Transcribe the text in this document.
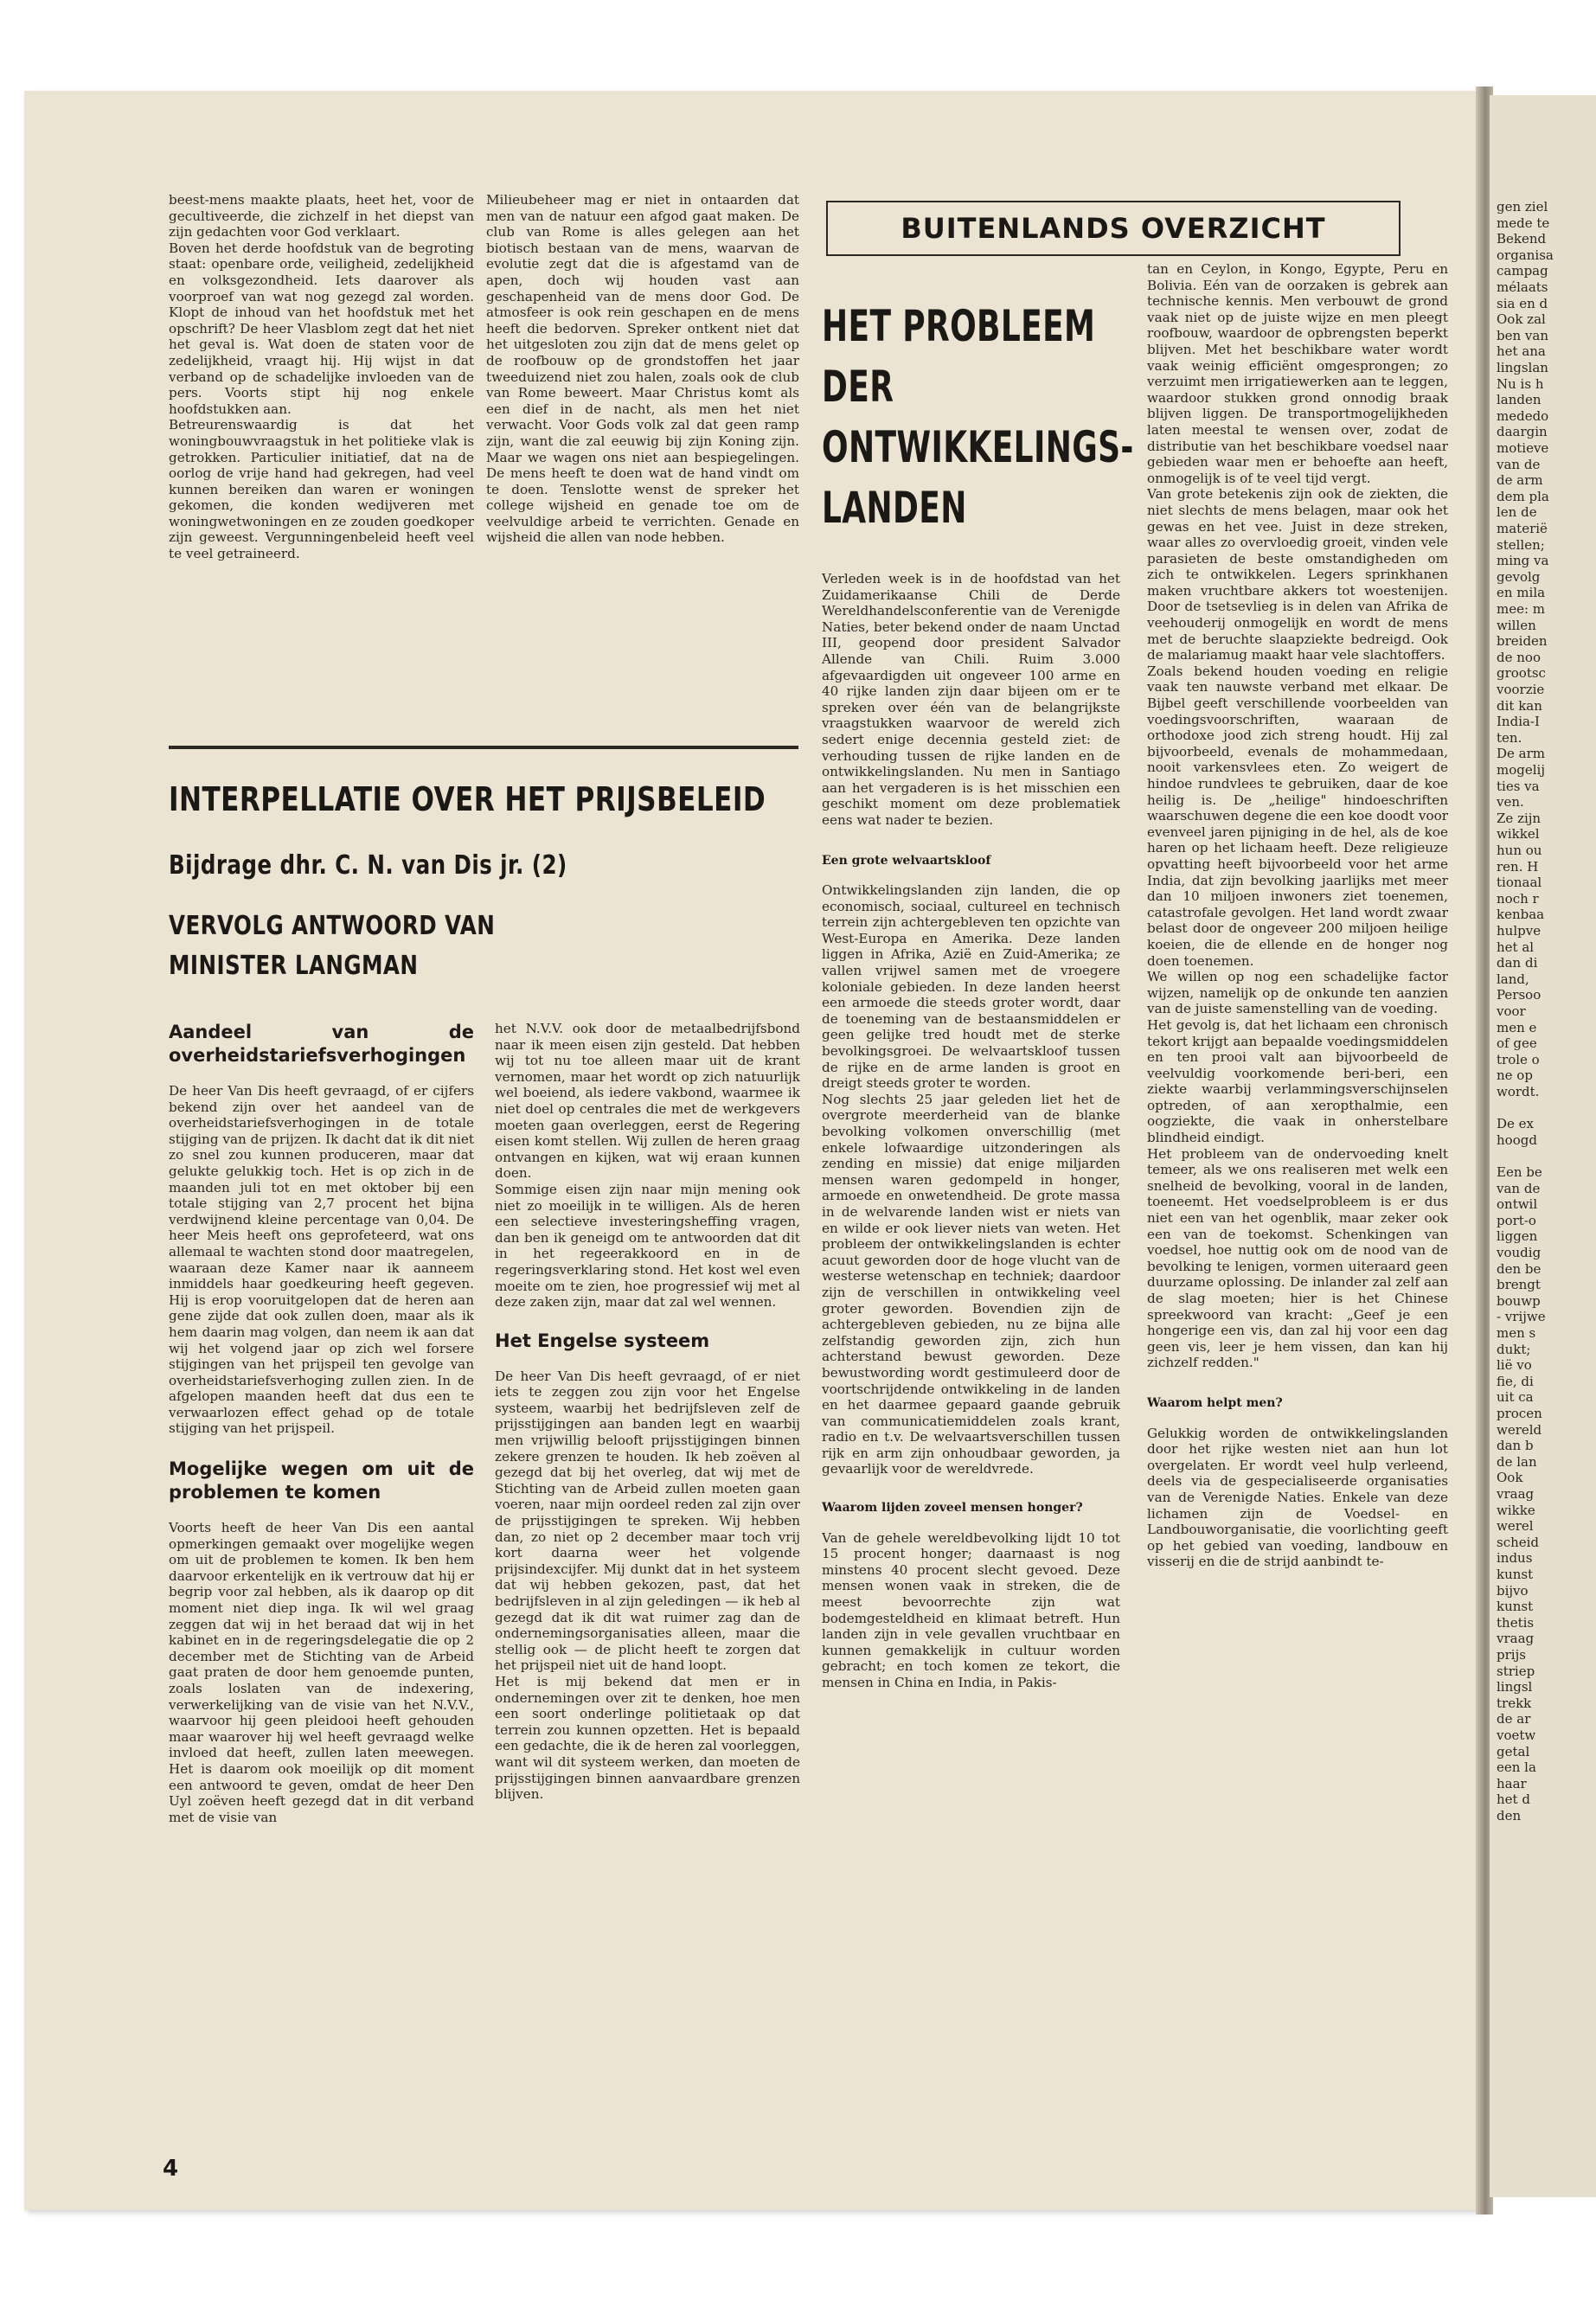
gen ziel
mede te
Bekend
organisa
campag
mélaats
sia en d
Ook zal
ben van
het ana
lingslan
Nu is h
landen
mededo
daargin
motieve
van de
de arm
dem pla
len de
materië
stellen;
ming va
gevolg
en mila
mee: m
willen
breiden
de noo
grootsc
voorzie
dit kan
India-I
ten.
De arm
mogelij
ties va
ven.
Ze zijn
wikkel
hun ou
ren. H
tionaal
noch r
kenbaa
hulpve
het al
dan di
land,
Persoo
voor
men e
of gee
trole o
ne op
wordt.
De ex
hoogd
Een be
van de
ontwil
port-o
liggen
voudig
den be
brengt
bouwp
- vrijwe
men s
dukt;
lië vo
fie, di
uit ca
procen
wereld
dan b
de lan
Ook
vraag
wikke
werel
scheid
indus
kunst
bijvo
kunst
thetis
vraag
prijs
striep
lingsl
trekk
de ar
voetw
getal
een la
haar
het d
den

beest-mens maakte plaats, heet het, voor de gecultiveerde, die zichzelf in het diepst van zijn gedachten voor God verklaart.
Boven het derde hoofdstuk van de begroting staat: openbare orde, veiligheid, zedelijkheid en volksgezondheid. Iets daarover als voorproef van wat nog gezegd zal worden. Klopt de inhoud van het hoofdstuk met het opschrift? De heer Vlasblom zegt dat het niet het geval is. Wat doen de staten voor de zedelijkheid, vraagt hij. Hij wijst in dat verband op de schadelijke invloeden van de pers. Voorts stipt hij nog enkele hoofdstukken aan.
Betreurenswaardig is dat het woningbouwvraagstuk in het politieke vlak is getrokken. Particulier initiatief, dat na de oorlog de vrije hand had gekregen, had veel kunnen bereiken dan waren er woningen gekomen, die konden wedijveren met woningwetwoningen en ze zouden goedkoper zijn geweest. Vergunningenbeleid heeft veel te veel getraineerd.

Milieubeheer mag er niet in ontaarden dat men van de natuur een afgod gaat maken. De club van Rome is alles gelegen aan het biotisch bestaan van de mens, waarvan de evolutie zegt dat die is afgestamd van de apen, doch wij houden vast aan geschapenheid van de mens door God. De atmosfeer is ook rein geschapen en de mens heeft die bedorven. Spreker ontkent niet dat het uitgesloten zou zijn dat de mens gelet op de roofbouw op de grondstoffen het jaar tweeduizend niet zou halen, zoals ook de club van Rome beweert. Maar Christus komt als een dief in de nacht, als men het niet verwacht. Voor Gods volk zal dat geen ramp zijn, want die zal eeuwig bij zijn Koning zijn. Maar we wagen ons niet aan bespiegelingen. De mens heeft te doen wat de hand vindt om te doen. Tenslotte wenst de spreker het college wijsheid en genade toe om de veelvuldige arbeid te verrichten. Genade en wijsheid die allen van node hebben.

INTERPELLATIE OVER HET PRIJSBELEID
Bijdrage dhr. C. N. van Dis jr. (2)
VERVOLG ANTWOORD VAN
MINISTER LANGMAN
Aandeel van de overheidstariefsverhogingen

De heer Van Dis heeft gevraagd, of er cijfers bekend zijn over het aandeel van de overheidstariefsverhogingen in de totale stijging van de prijzen. Ik dacht dat ik dit niet zo snel zou kunnen produceren, maar dat gelukte gelukkig toch. Het is op zich in de maanden juli tot en met oktober bij een totale stijging van 2,7 procent het bijna verdwijnend kleine percentage van 0,04. De heer Meis heeft ons geprofeteerd, wat ons allemaal te wachten stond door maatregelen, waaraan deze Kamer naar ik aanneem inmiddels haar goedkeuring heeft gegeven. Hij is erop vooruitgelopen dat de heren aan gene zijde dat ook zullen doen, maar als ik hem daarin mag volgen, dan neem ik aan dat wij het volgend jaar op zich wel forsere stijgingen van het prijspeil ten gevolge van overheidstariefsverhoging zullen zien. In de afgelopen maanden heeft dat dus een te verwaarlozen effect gehad op de totale stijging van het prijspeil.

Mogelijke wegen om uit de problemen te komen

Voorts heeft de heer Van Dis een aantal opmerkingen gemaakt over mogelijke wegen om uit de problemen te komen. Ik ben hem daarvoor erkentelijk en ik vertrouw dat hij er begrip voor zal hebben, als ik daarop op dit moment niet diep inga. Ik wil wel graag zeggen dat wij in het beraad dat wij in het kabinet en in de regeringsdelegatie die op 2 december met de Stichting van de Arbeid gaat praten de door hem genoemde punten, zoals loslaten van de indexering, verwerkelijking van de visie van het N.V.V., waarvoor hij geen pleidooi heeft gehouden maar waarover hij wel heeft gevraagd welke invloed dat heeft, zullen laten meewegen. Het is daarom ook moeilijk op dit moment een antwoord te geven, omdat de heer Den Uyl zoëven heeft gezegd dat in dit verband met de visie van

het N.V.V. ook door de metaalbedrijfsbond naar ik meen eisen zijn gesteld. Dat hebben wij tot nu toe alleen maar uit de krant vernomen, maar het wordt op zich natuurlijk wel boeiend, als iedere vakbond, waarmee ik niet doel op centrales die met de werkgevers moeten gaan overleggen, eerst de Regering eisen komt stellen. Wij zullen de heren graag ontvangen en kijken, wat wij eraan kunnen doen.
Sommige eisen zijn naar mijn mening ook niet zo moeilijk in te willigen. Als de heren een selectieve investeringsheffing vragen, dan ben ik geneigd om te antwoorden dat dit in het regeerakkoord en in de regeringsverklaring stond. Het kost wel even moeite om te zien, hoe progressief wij met al deze zaken zijn, maar dat zal wel wennen.

Het Engelse systeem

De heer Van Dis heeft gevraagd, of er niet iets te zeggen zou zijn voor het Engelse systeem, waarbij het bedrijfsleven zelf de prijsstijgingen aan banden legt en waarbij men vrijwillig belooft prijsstijgingen binnen zekere grenzen te houden. Ik heb zoëven al gezegd dat bij het overleg, dat wij met de Stichting van de Arbeid zullen moeten gaan voeren, naar mijn oordeel reden zal zijn over de prijsstijgingen te spreken. Wij hebben dan, zo niet op 2 december maar toch vrij kort daarna weer het volgende prijsindexcijfer. Mij dunkt dat in het systeem dat wij hebben gekozen, past, dat het bedrijfsleven in al zijn geledingen — ik heb al gezegd dat ik dit wat ruimer zag dan de ondernemingsorganisaties alleen, maar die stellig ook — de plicht heeft te zorgen dat het prijspeil niet uit de hand loopt.
Het is mij bekend dat men er in ondernemingen over zit te denken, hoe men een soort onderlinge politietaak op dat terrein zou kunnen opzetten. Het is bepaald een gedachte, die ik de heren zal voorleggen, want wil dit systeem werken, dan moeten de prijsstijgingen binnen aanvaardbare grenzen blijven.

BUITENLANDS OVERZICHT
HET PROBLEEM
DER
ONTWIKKELINGS-
LANDEN

Verleden week is in de hoofdstad van het Zuidamerikaanse Chili de Derde Wereldhandelsconferentie van de Verenigde Naties, beter bekend onder de naam Unctad III, geopend door president Salvador Allende van Chili. Ruim 3.000 afgevaardigden uit ongeveer 100 arme en 40 rijke landen zijn daar bijeen om er te spreken over één van de belangrijkste vraagstukken waarvoor de wereld zich sedert enige decennia gesteld ziet: de verhouding tussen de rijke landen en de ontwikkelingslanden. Nu men in Santiago aan het vergaderen is is het misschien een geschikt moment om deze problematiek eens wat nader te bezien.

Een grote welvaartskloof

Ontwikkelingslanden zijn landen, die op economisch, sociaal, cultureel en technisch terrein zijn achtergebleven ten opzichte van West-Europa en Amerika. Deze landen liggen in Afrika, Azië en Zuid-Amerika; ze vallen vrijwel samen met de vroegere koloniale gebieden. In deze landen heerst een armoede die steeds groter wordt, daar de toeneming van de bestaansmiddelen er geen gelijke tred houdt met de sterke bevolkingsgroei. De welvaartskloof tussen de rijke en de arme landen is groot en dreigt steeds groter te worden.
Nog slechts 25 jaar geleden liet het de overgrote meerderheid van de blanke bevolking volkomen onverschillig (met enkele lofwaardige uitzonderingen als zending en missie) dat enige miljarden mensen waren gedompeld in honger, armoede en onwetendheid. De grote massa in de welvarende landen wist er niets van en wilde er ook liever niets van weten. Het probleem der ontwikkelingslanden is echter acuut geworden door de hoge vlucht van de westerse wetenschap en techniek; daardoor zijn de verschillen in ontwikkeling veel groter geworden. Bovendien zijn de achtergebleven gebieden, nu ze bijna alle zelfstandig geworden zijn, zich hun achterstand bewust geworden. Deze bewustwording wordt gestimuleerd door de voortschrijdende ontwikkeling in de landen en het daarmee gepaard gaande gebruik van communicatiemiddelen zoals krant, radio en t.v. De welvaartsverschillen tussen rijk en arm zijn onhoudbaar geworden, ja gevaarlijk voor de wereldvrede.

Waarom lijden zoveel mensen honger?

Van de gehele wereldbevolking lijdt 10 tot 15 procent honger; daarnaast is nog minstens 40 procent slecht gevoed. Deze mensen wonen vaak in streken, die de meest bevoorrechte zijn wat bodemgesteldheid en klimaat betreft. Hun landen zijn in vele gevallen vruchtbaar en kunnen gemakkelijk in cultuur worden gebracht; en toch komen ze tekort, die mensen in China en India, in Pakis-

tan en Ceylon, in Kongo, Egypte, Peru en Bolivia. Eén van de oorzaken is gebrek aan technische kennis. Men verbouwt de grond vaak niet op de juiste wijze en men pleegt roofbouw, waardoor de opbrengsten beperkt blijven. Met het beschikbare water wordt vaak weinig efficiënt omgesprongen; zo verzuimt men irrigatiewerken aan te leggen, waardoor stukken grond onnodig braak blijven liggen. De transportmogelijkheden laten meestal te wensen over, zodat de distributie van het beschikbare voedsel naar gebieden waar men er behoefte aan heeft, onmogelijk is of te veel tijd vergt.
Van grote betekenis zijn ook de ziekten, die niet slechts de mens belagen, maar ook het gewas en het vee. Juist in deze streken, waar alles zo overvloedig groeit, vinden vele parasieten de beste omstandigheden om zich te ontwikkelen. Legers sprinkhanen maken vruchtbare akkers tot woestenijen. Door de tsetsevlieg is in delen van Afrika de veehouderij onmogelijk en wordt de mens met de beruchte slaapziekte bedreigd. Ook de malariamug maakt haar vele slachtoffers.
Zoals bekend houden voeding en religie vaak ten nauwste verband met elkaar. De Bijbel geeft verschillende voorbeelden van voedingsvoorschriften, waaraan de orthodoxe jood zich streng houdt. Hij zal bijvoorbeeld, evenals de mohammedaan, nooit varkensvlees eten. Zo weigert de hindoe rundvlees te gebruiken, daar de koe heilig is. De „heilige" hindoeschriften waarschuwen degene die een koe doodt voor evenveel jaren pijniging in de hel, als de koe haren op het lichaam heeft. Deze religieuze opvatting heeft bijvoorbeeld voor het arme India, dat zijn bevolking jaarlijks met meer dan 10 miljoen inwoners ziet toenemen, catastrofale gevolgen. Het land wordt zwaar belast door de ongeveer 200 miljoen heilige koeien, die de ellende en de honger nog doen toenemen.
We willen op nog een schadelijke factor wijzen, namelijk op de onkunde ten aanzien van de juiste samenstelling van de voeding.
Het gevolg is, dat het lichaam een chronisch tekort krijgt aan bepaalde voedingsmiddelen en ten prooi valt aan bijvoorbeeld de veelvuldig voorkomende beri-beri, een ziekte waarbij verlammingsverschijnselen optreden, of aan xeropthalmie, een oogziekte, die vaak in onherstelbare blindheid eindigt.
Het probleem van de ondervoeding knelt temeer, als we ons realiseren met welk een snelheid de bevolking, vooral in de landen, toeneemt. Het voedselprobleem is er dus niet een van het ogenblik, maar zeker ook een van de toekomst. Schenkingen van voedsel, hoe nuttig ook om de nood van de bevolking te lenigen, vormen uiteraard geen duurzame oplossing. De inlander zal zelf aan de slag moeten; hier is het Chinese spreekwoord van kracht: „Geef je een hongerige een vis, dan zal hij voor een dag geen vis, leer je hem vissen, dan kan hij zichzelf redden."

Waarom helpt men?

Gelukkig worden de ontwikkelingslanden door het rijke westen niet aan hun lot overgelaten. Er wordt veel hulp verleend, deels via de gespecialiseerde organisaties van de Verenigde Naties. Enkele van deze lichamen zijn de Voedsel- en Landbouworganisatie, die voorlichting geeft op het gebied van voeding, landbouw en visserij en die de strijd aanbindt te-

4
